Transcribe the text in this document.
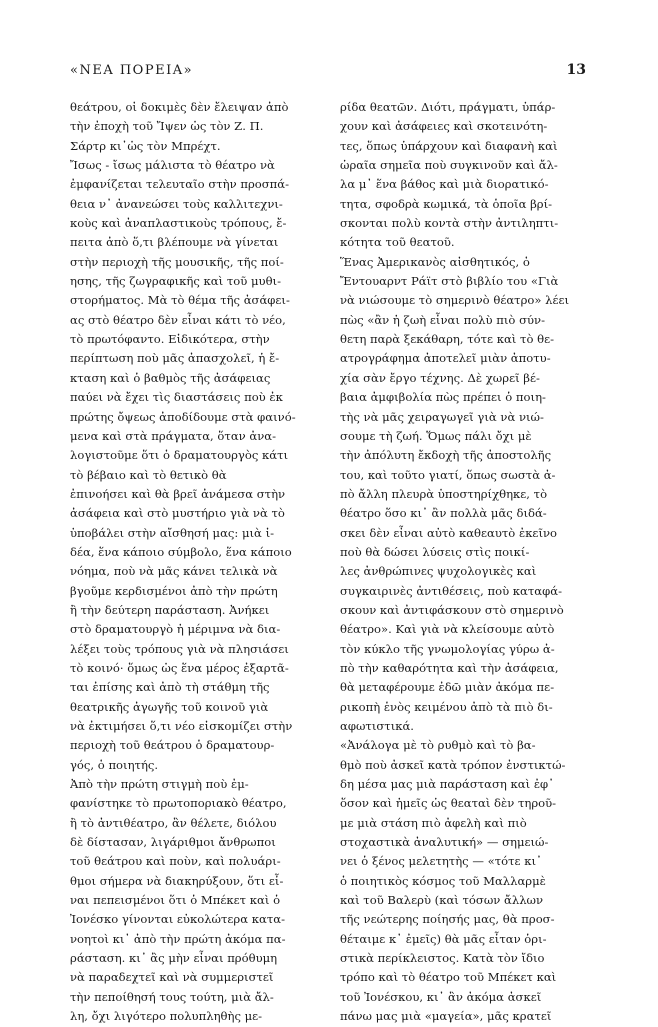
«ΝΕΑ ΠΟΡΕΙΑ»	13
θεάτρου, οἱ δοκιμὲς δὲν ἔλειψαν ἀπὸ
τὴν ἐποχὴ τοῦ Ἴψεν ὡς τὸν Ζ. Π.
Σάρτρ κι᾽ὡς τὸν Μπρέχτ.
Ἴσως - ἴσως μάλιστα τὸ θέατρο νὰ
ἐμφανίζεται τελευταῖο στὴν προσπά-
θεια ν᾽ ἀνανεώσει τοὺς καλλιτεχνι-
κοὺς καὶ ἀναπλαστικοὺς τρόπους, ἔ-
πειτα ἀπὸ ὅ,τι βλέπουμε νὰ γίνεται
στὴν περιοχὴ τῆς μουσικῆς, τῆς ποί-
ησης, τῆς ζωγραφικῆς καὶ τοῦ μυθι-
στορήματος. Μὰ τὸ θέμα τῆς ἀσάφει-
ας στὸ θέατρο δὲν εἶναι κάτι τὸ νέο,
τὸ πρωτόφαντο. Εἰδικότερα, στὴν
περίπτωση ποὺ μᾶς ἀπασχολεῖ, ἡ ἔ-
κταση καὶ ὁ βαθμὸς τῆς ἀσάφειας
παύει νὰ ἔχει τὶς διαστάσεις ποὺ ἐκ
πρώτης ὄψεως ἀποδίδουμε στὰ φαινό-
μενα καὶ στὰ πράγματα, ὅταν ἀνα-
λογιστοῦμε ὅτι ὁ δραματουργὸς κάτι
τὸ βέβαιο καὶ τὸ θετικὸ θὰ
ἐπινοήσει καὶ θὰ βρεῖ ἀνάμεσα στὴν
ἀσάφεια καὶ στὸ μυστήριο γιὰ νὰ τὸ
ὑποβάλει στὴν αἴσθησή μας: μιὰ ἰ-
δέα, ἕνα κάποιο σύμβολο, ἕνα κάποιο
νόημα, ποὺ νὰ μᾶς κάνει τελικὰ νὰ
βγοῦμε κερδισμένοι ἀπὸ τὴν πρώτη
ἢ τὴν δεύτερη παράσταση. Ἀνήκει
στὸ δραματουργὸ ἡ μέριμνα νὰ δια-
λέξει τοὺς τρόπους γιὰ νὰ πλησιάσει
τὸ κοινό· ὅμως ὡς ἕνα μέρος ἐξαρτᾶ-
ται ἐπίσης καὶ ἀπὸ τὴ στάθμη τῆς
θεατρικῆς ἀγωγῆς τοῦ κοινοῦ γιὰ
νὰ ἐκτιμήσει ὅ,τι νέο εἰσκομίζει στὴν
περιοχὴ τοῦ θεάτρου ὁ δραματουρ-
γός, ὁ ποιητής.
Ἀπὸ τὴν πρώτη στιγμὴ ποὺ ἐμ-
φανίστηκε τὸ πρωτοποριακὸ θέατρο,
ἢ τὸ ἀντιθέατρο, ἂν θέλετε, διόλου
δὲ δίστασαν, λιγάριθμοι ἄνθρωποι
τοῦ θεάτρου καὶ ποὺν, καὶ πολυάρι-
θμοι σήμερα νὰ διακηρύξουν, ὅτι εἶ-
ναι πεπεισμένοι ὅτι ὁ Μπέκετ καὶ ὁ
Ἰονέσκο γίνονται εὐκολώτερα κατα-
νοητοὶ κι᾽ ἀπὸ τὴν πρώτη ἀκόμα πα-
ράσταση. κι᾽ ἂς μὴν εἶναι πρόθυμη
νὰ παραδεχτεῖ καὶ νὰ συμμεριστεῖ
τὴν πεποίθησή τους τούτη, μιὰ ἄλ-
λη, ὄχι λιγότερο πολυπληθὴς με-
ρίδα θεατῶν. Διότι, πράγματι, ὑπάρ-
χουν καὶ ἀσάφειες καὶ σκοτεινότη-
τες, ὅπως ὑπάρχουν καὶ διαφανὴ καὶ
ὡραῖα σημεῖα ποὺ συγκινοῦν καὶ ἄλ-
λα μ᾽ ἕνα βάθος καὶ μιὰ διορατικό-
τητα, σφοδρὰ κωμικά, τὰ ὁποῖα βρί-
σκονται πολὺ κοντὰ στὴν ἀντιληπτι-
κότητα τοῦ θεατοῦ.
Ἕνας Ἀμερικανὸς αἰσθητικός, ὁ
Ἔντουαρντ Ράϊτ στὸ βιβλίο του «Γιὰ
νὰ νιώσουμε τὸ σημερινὸ θέατρο» λέει
πὼς «ἂν ἡ ζωὴ εἶναι πολὺ πιὸ σύν-
θετη παρὰ ξεκάθαρη, τότε καὶ τὸ θε-
ατρογράφημα ἀποτελεῖ μιὰν ἀποτυ-
χία σὰν ἔργο τέχνης. Δὲ χωρεῖ βέ-
βαια ἀμφιβολία πὼς πρέπει ὁ ποιη-
τὴς νὰ μᾶς χειραγωγεῖ γιὰ νὰ νιώ-
σουμε τὴ ζωή. Ὅμως πάλι ὄχι μὲ
τὴν ἀπόλυτη ἔκδοχὴ τῆς ἀποστολῆς
του, καὶ τοῦτο γιατί, ὅπως σωστὰ ἀ-
πὸ ἄλλη πλευρὰ ὑποστηρίχθηκε, τὸ
θέατρο ὅσο κι᾽ ἂν πολλὰ μᾶς διδά-
σκει δὲν εἶναι αὐτὸ καθεαυτὸ ἐκεῖνο
ποὺ θὰ δώσει λύσεις στὶς ποικί-
λες ἀνθρώπινες ψυχολογικὲς καὶ
συγκαιρινὲς ἀντιθέσεις, ποὺ καταφά-
σκουν καὶ ἀντιφάσκουν στὸ σημερινὸ
θέατρο». Καὶ γιὰ νὰ κλείσουμε αὐτὸ
τὸν κύκλο τῆς γνωμολογίας γύρω ἀ-
πὸ τὴν καθαρότητα καὶ τὴν ἀσάφεια,
θὰ μεταφέρουμε ἐδῶ μιὰν ἀκόμα πε-
ρικοπὴ ἑνὸς κειμένου ἀπὸ τὰ πιὸ δι-
αφωτιστικά.
«Ἀνάλογα μὲ τὸ ρυθμὸ καὶ τὸ βα-
θμὸ ποὺ ἀσκεῖ κατὰ τρόπον ἐνστικτώ-
δη μέσα μας μιὰ παράσταση καὶ ἐφ᾽
ὅσον καὶ ἡμεῖς ὡς θεαταὶ δὲν τηροῦ-
με μιὰ στάση πιὸ ἀφελὴ καὶ πιὸ
στοχαστικὰ ἀναλυτική» — σημειώ-
νει ὁ ξένος μελετητὴς — «τότε κι᾽
ὁ ποιητικὸς κόσμος τοῦ Μαλλαρμὲ
καὶ τοῦ Βαλερὺ (καὶ τόσων ἄλλων
τῆς νεώτερης ποίησής μας, θὰ προσ-
θέταιμε κ᾽ ἐμεῖς) θὰ μᾶς εἶταν ὁρι-
στικὰ περίκλειστος. Κατὰ τὸν ἴδιο
τρόπο καὶ τὸ θέατρο τοῦ Μπέκετ καὶ
τοῦ Ἰονέσκου, κι᾽ ἂν ἀκόμα ἀσκεῖ
πάνω μας μιὰ «μαγεία», μᾶς κρατεῖ
